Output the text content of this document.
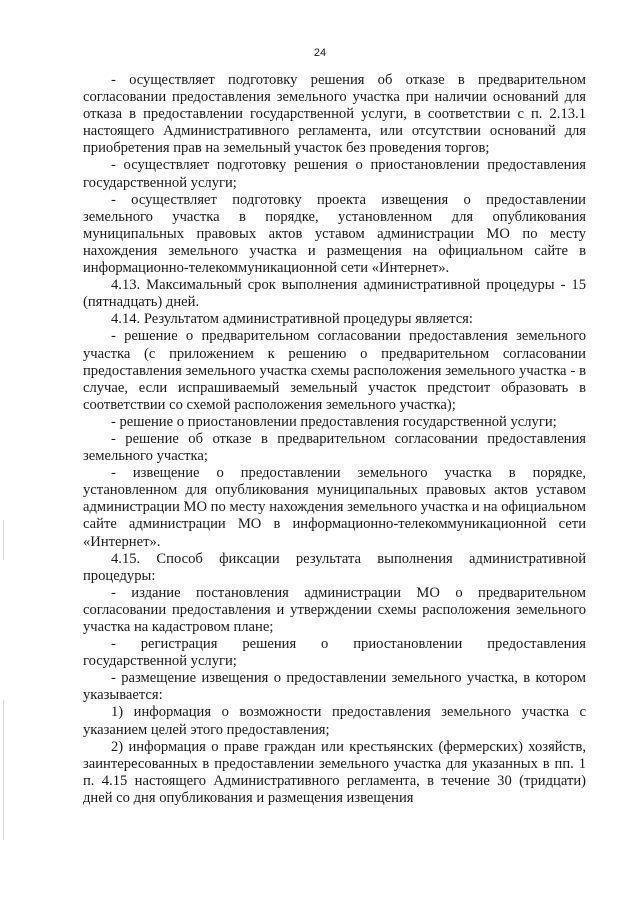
24

- осуществляет подготовку решения об отказе в предварительном согласовании предоставления земельного участка при наличии оснований для отказа в предоставлении государственной услуги, в соответствии с п. 2.13.1 настоящего Административного регламента, или отсутствии оснований для приобретения прав на земельный участок без проведения торгов;

- осуществляет подготовку решения о приостановлении предоставления государственной услуги;

- осуществляет подготовку проекта извещения о предоставлении земельного участка в порядке, установленном для опубликования муниципальных правовых актов уставом администрации МО по месту нахождения земельного участка и размещения на официальном сайте в информационно-телекоммуникационной сети «Интернет».

4.13. Максимальный срок выполнения административной процедуры - 15 (пятнадцать) дней.

4.14. Результатом административной процедуры является:

- решение о предварительном согласовании предоставления земельного участка (с приложением к решению о предварительном согласовании предоставления земельного участка схемы расположения земельного участка - в случае, если испрашиваемый земельный участок предстоит образовать в соответствии со схемой расположения земельного участка);

- решение о приостановлении предоставления государственной услуги;

- решение об отказе в предварительном согласовании предоставления земельного участка;

- извещение о предоставлении земельного участка в порядке, установленном для опубликования муниципальных правовых актов уставом администрации МО по месту нахождения земельного участка и на официальном сайте администрации МО в информационно-телекоммуникационной сети «Интернет».

4.15. Способ фиксации результата выполнения административной процедуры:

- издание постановления администрации МО о предварительном согласовании предоставления и утверждении схемы расположения земельного участка на кадастровом плане;

- регистрация решения о приостановлении предоставления государственной услуги;

- размещение извещения о предоставлении земельного участка, в котором указывается:

1) информация о возможности предоставления земельного участка с указанием целей этого предоставления;

2) информация о праве граждан или крестьянских (фермерских) хозяйств, заинтересованных в предоставлении земельного участка для указанных в пп. 1 п. 4.15 настоящего Административного регламента, в течение 30 (тридцати) дней со дня опубликования и размещения извещения
